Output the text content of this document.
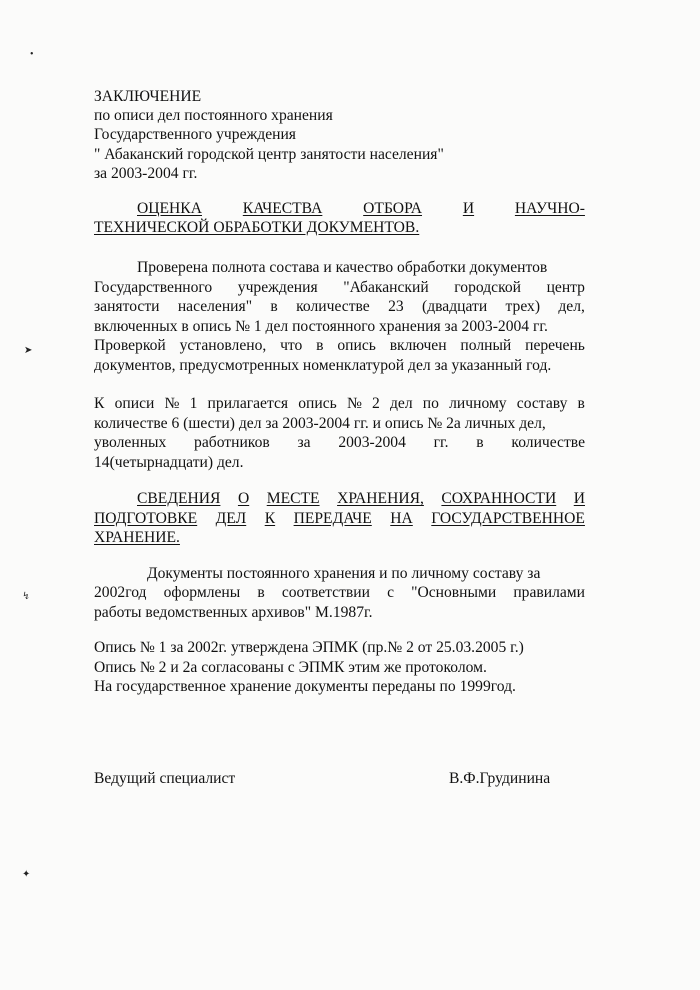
•
➤
↯
✦
ЗАКЛЮЧЕНИЕ
по описи дел постоянного хранения
Государственного учреждения
" Абаканский городской центр занятости населения"
за 2003-2004 гг.
ОЦЕНКА	КАЧЕСТВА	ОТБОРА	И	НАУЧНО-
ТЕХНИЧЕСКОЙ ОБРАБОТКИ ДОКУМЕНТОВ.
Проверена полнота состава и качество обработки документов
Государственного учреждения "Абаканский городской центр
занятости населения" в количестве 23 (двадцати трех) дел,
включенных в опись № 1 дел постоянного хранения за 2003-2004 гг.
Проверкой установлено, что в опись включен полный перечень
документов, предусмотренных номенклатурой дел за указанный год.
К описи № 1 прилагается опись № 2 дел по личному составу в
количестве 6 (шести) дел за 2003-2004 гг. и опись № 2а личных дел,
уволенных работников за 2003-2004 гг. в количестве
14(четырнадцати) дел.
СВЕДЕНИЯ О МЕСТЕ ХРАНЕНИЯ, СОХРАННОСТИ И
ПОДГОТОВКЕ ДЕЛ К ПЕРЕДАЧЕ НА ГОСУДАРСТВЕННОЕ
ХРАНЕНИЕ.
Документы постоянного хранения и по личному составу за
2002год оформлены в соответствии с "Основными правилами
работы ведомственных архивов" М.1987г.
Опись № 1 за 2002г. утверждена ЭПМК (пр.№ 2 от 25.03.2005 г.)
Опись № 2 и 2а согласованы с ЭПМК этим же протоколом.
На государственное хранение документы переданы по 1999год.
Ведущий специалист	В.Ф.Грудинина
